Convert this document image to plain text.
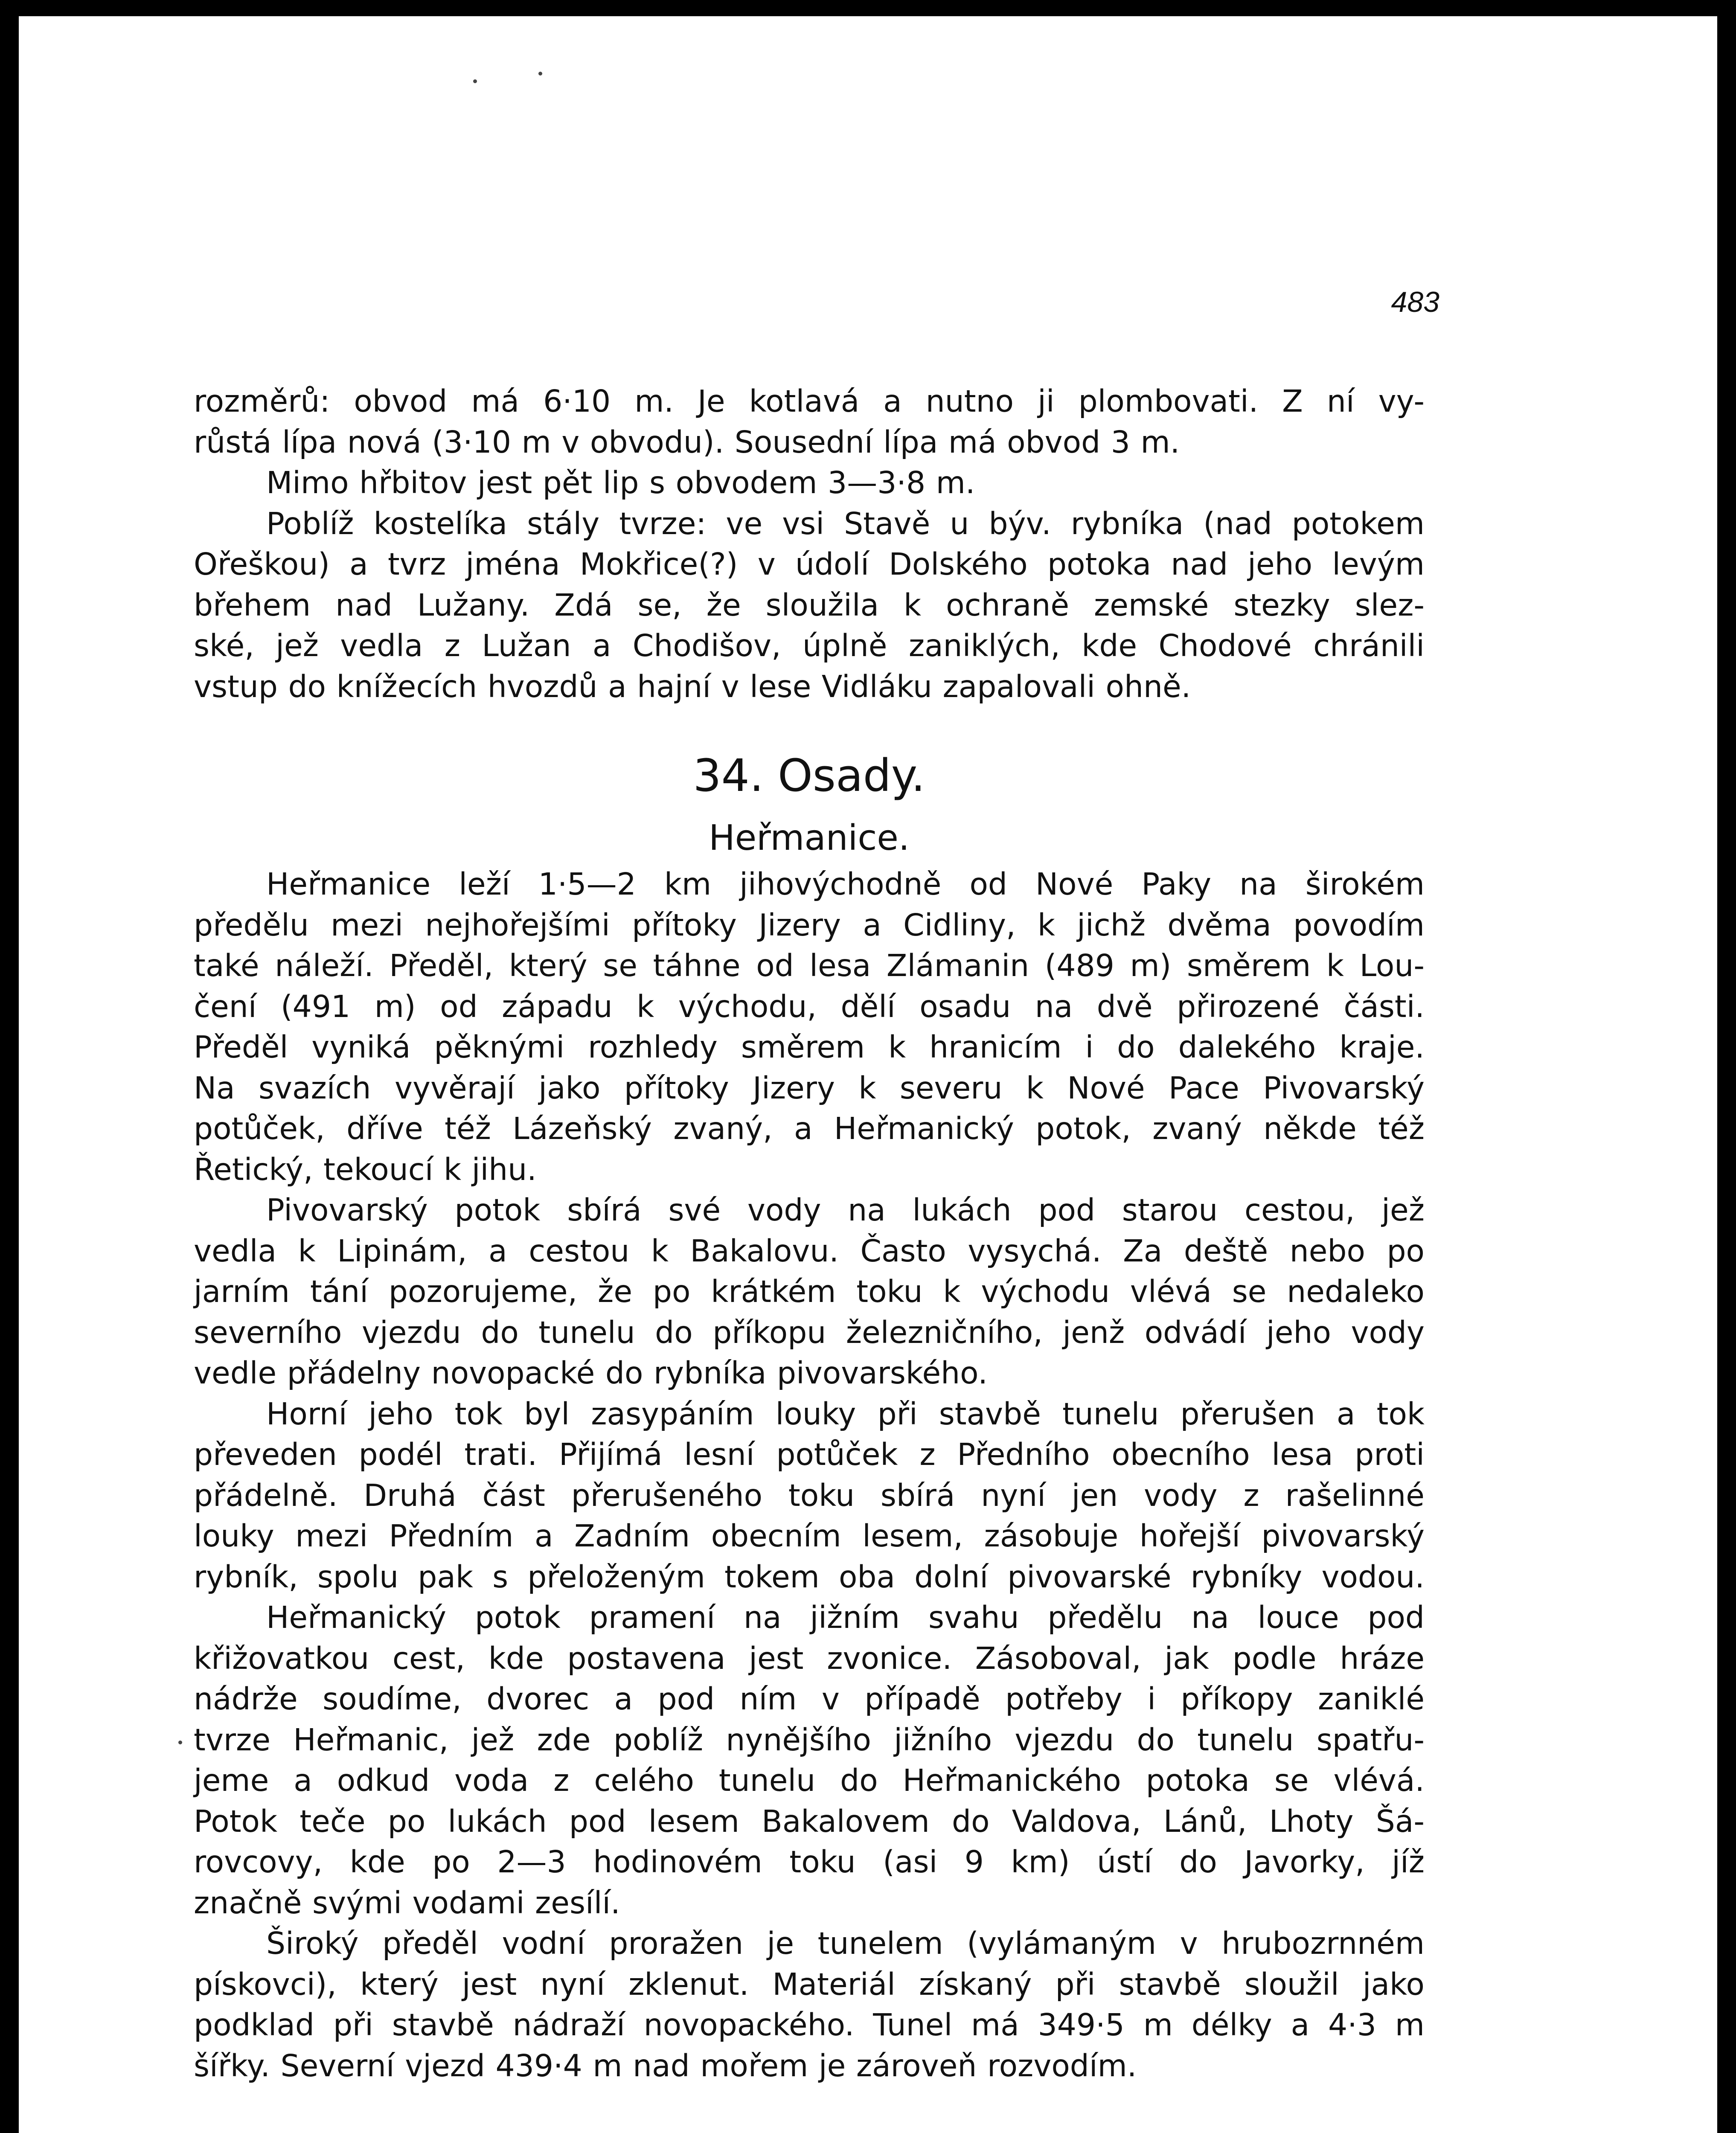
483

rozměrů: obvod má 6·10 m. Je kotlavá a nutno ji plombovati. Z ní vy-

růstá lípa nová (3·10 m v obvodu). Sousední lípa má obvod 3 m.

Mimo hřbitov jest pět lip s obvodem 3—3·8 m.

Poblíž kostelíka stály tvrze: ve vsi Stavě u býv. rybníka (nad potokem

Ořeškou) a tvrz jména Mokřice(?) v údolí Dolského potoka nad jeho levým

břehem nad Lužany. Zdá se, že sloužila k ochraně zemské stezky slez-

ské, jež vedla z Lužan a Chodišov, úplně zaniklých, kde Chodové chránili

vstup do knížecích hvozdů a hajní v lese Vidláku zapalovali ohně.

34. Osady.
Heřmanice.

Heřmanice leží 1·5—2 km jihovýchodně od Nové Paky na širokém

předělu mezi nejhořejšími přítoky Jizery a Cidliny, k jichž dvěma povodím

také náleží. Předěl, který se táhne od lesa Zlámanin (489 m) směrem k Lou-

čení (491 m) od západu k východu, dělí osadu na dvě přirozené části.

Předěl vyniká pěknými rozhledy směrem k hranicím i do dalekého kraje.

Na svazích vyvěrají jako přítoky Jizery k severu k Nové Pace Pivovarský

potůček, dříve též Lázeňský zvaný, a Heřmanický potok, zvaný někde též

Řetický, tekoucí k jihu.

Pivovarský potok sbírá své vody na lukách pod starou cestou, jež

vedla k Lipinám, a cestou k Bakalovu. Často vysychá. Za deště nebo po

jarním tání pozorujeme, že po krátkém toku k východu vlévá se nedaleko

severního vjezdu do tunelu do příkopu železničního, jenž odvádí jeho vody

vedle přádelny novopacké do rybníka pivovarského.

Horní jeho tok byl zasypáním louky při stavbě tunelu přerušen a tok

převeden podél trati. Přijímá lesní potůček z Předního obecního lesa proti

přádelně. Druhá část přerušeného toku sbírá nyní jen vody z rašelinné

louky mezi Předním a Zadním obecním lesem, zásobuje hořejší pivovarský

rybník, spolu pak s přeloženým tokem oba dolní pivovarské rybníky vodou.

Heřmanický potok pramení na jižním svahu předělu na louce pod

křižovatkou cest, kde postavena jest zvonice. Zásoboval, jak podle hráze

nádrže soudíme, dvorec a pod ním v případě potřeby i příkopy zaniklé

tvrze Heřmanic, jež zde poblíž nynějšího jižního vjezdu do tunelu spatřu-

jeme a odkud voda z celého tunelu do Heřmanického potoka se vlévá.

Potok teče po lukách pod lesem Bakalovem do Valdova, Lánů, Lhoty Šá-

rovcovy, kde po 2—3 hodinovém toku (asi 9 km) ústí do Javorky, jíž

značně svými vodami zesílí.

Široký předěl vodní proražen je tunelem (vylámaným v hrubozrnném

pískovci), který jest nyní zklenut. Materiál získaný při stavbě sloužil jako

podklad při stavbě nádraží novopackého. Tunel má 349·5 m délky a 4·3 m

šířky. Severní vjezd 439·4 m nad mořem je zároveň rozvodím.
